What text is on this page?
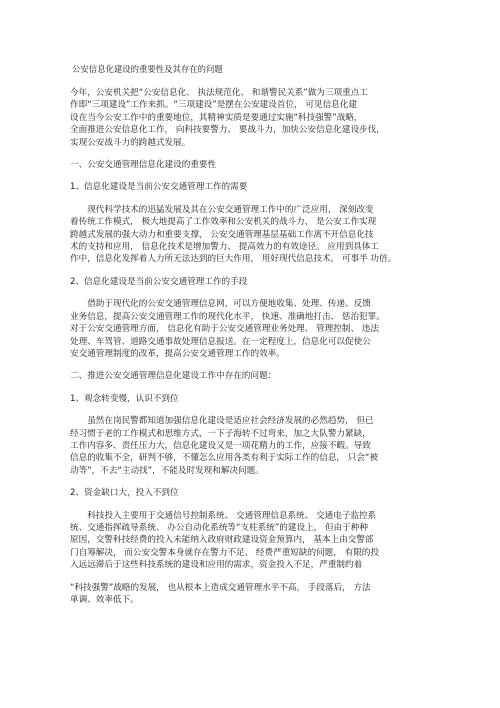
公安信息化建设的重要性及其存在的问题
今年，公安机关把“公安信息化、 执法规范化、 和谐警民关系”做为三项重点工
作即“三项建设”工作来抓。“三项建设”是摆在公安建设首位， 可见信息化建
设在当今公安工作中的重要地位，其精神实质是要通过实施“科技强警”战略，
全面推进公安信息化工作， 向科技要警力、 要战斗力，加快公安信息化建设步伐，
实现公安战斗力的跨越式发展。
一、公安交通管理信息化建设的重要性
1、信息化建设是当前公安交通管理工作的需要
　　现代科学技术的迅猛发展及其在公安交通管理工作中的广泛应用， 深刻改变
着传统工作模式， 极大地提高了工作效率和公安机关的战斗力， 是公安工作实现
跨越式发展的强大动力和重要支撑， 公安交通管理基层基础工作离不开信息化技
术的支持和应用， 信息化技术是增加警力、 提高效力的有效途径。 应用到具体工
作中，信息化发挥着人力所无法达到的巨大作用， 用好现代信息技术， 可事半 功倍。
2、信息化建设是当前公安交通管理工作的手段
　　借助于现代化的公安交通管理信息网，可以方便地收集、处理、传递、反馈
业务信息，提高公安交通管理工作的现代化水平， 快速、准确地打击、 惩治犯罪。
对于公安交通管理方面， 信息化有助于公安交通管理业务处理、 管理控制、 违法
处理、车驾管、道路交通事故处理信息报送。在一定程度上，信息化可以促使公
安交通管理制度的改革，提高公安交通管理工作的效率。
二、推进公安交通管理信息化建设工作中存在的问题：
1、观念转变慢，认识不到位
　　虽然在岗民警都知道加强信息化建设是适应社会经济发展的必然趋势， 但已
经习惯于老的工作模式和思维方式，一下子海转不过弯来，加之大队警力紧缺，
工作内容多、责任压力大，信息化建设又是一项花精力的工作，应接不暇。导致
信息的收集不全，研判不够，不懂怎么应用各类有利于实际工作的信息， 只会“被
动等”，不去“主动找”，不能及时发现和解决问题。
2、资金缺口大，投入不到位
　　科技投入主要用于交通信号控制系统、 交通管理信息系统、 交通电子监控系
统、交通指挥疏导系统、 办公自动化系统等“支柱系统”的建设上， 但由于种种
原因，交警科技经费的投入未能纳入政府财政建设资金预算内， 基本上由交警部
门自筹解决， 而公安交警本身就存在警力不足、 经费严重短缺的问题， 有限的投
入远远滞后于这些科技系统的建设和应用的需求，资金投入不足，严重制约着
“科技强警”战略的发展， 也从根本上造成交通管理水平不高， 手段落后， 方法
单调、效率低下。
